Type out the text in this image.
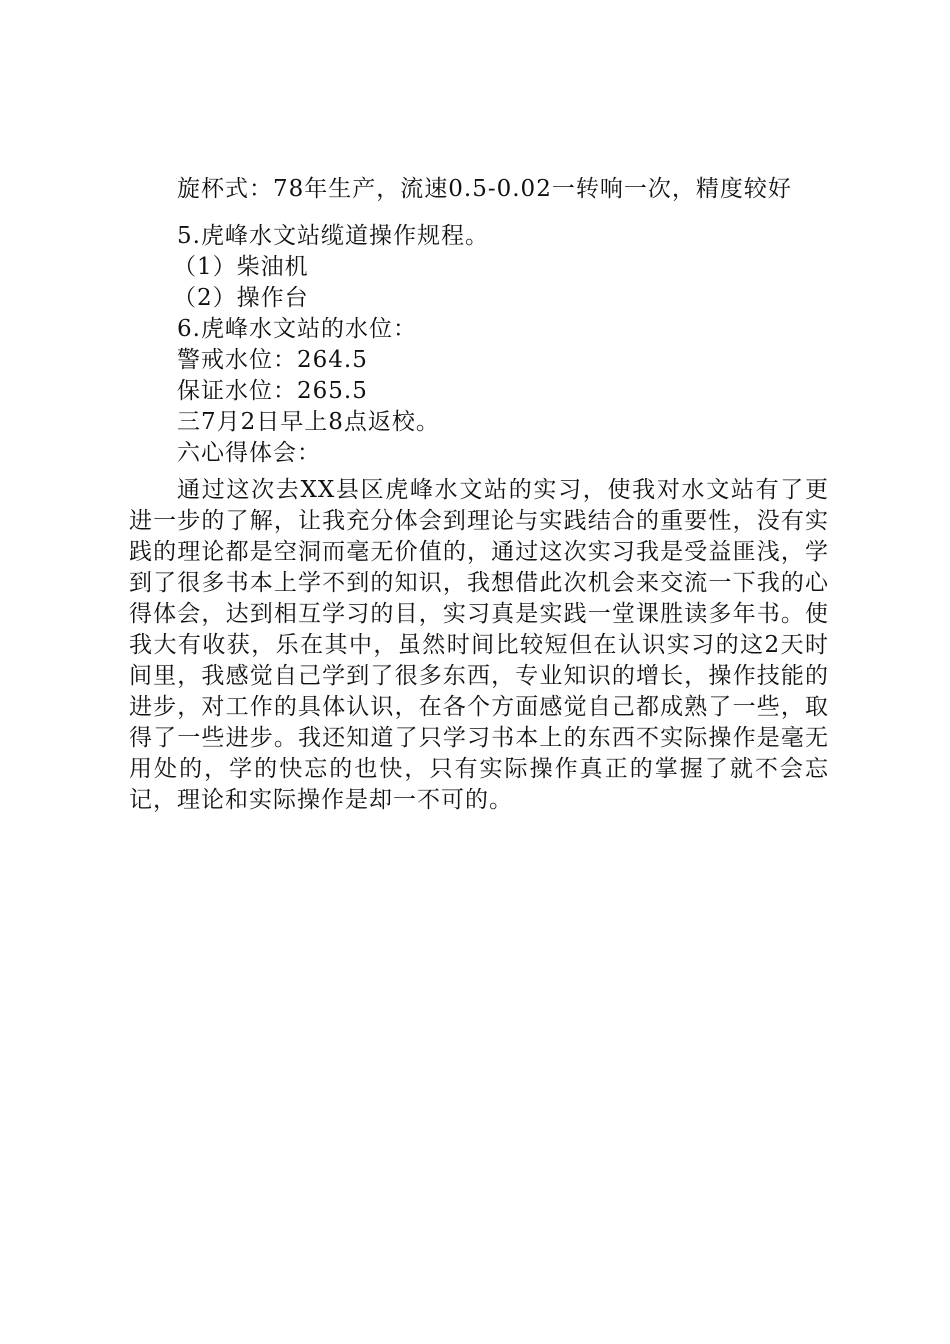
旋杯式：78年生产，流速0.5-0.02一转响一次，精度较好
5.虎峰水文站缆道操作规程。
（1）柴油机
（2）操作台
6.虎峰水文站的水位：
警戒水位：264.5
保证水位：265.5
三7月2日早上8点返校。
六心得体会：
通过这次去XX县区虎峰水文站的实习，使我对水文站有了更进一步的了解，让我充分体会到理论与实践结合的重要性，没有实践的理论都是空洞而毫无价值的，通过这次实习我是受益匪浅，学到了很多书本上学不到的知识，我想借此次机会来交流一下我的心得体会，达到相互学习的目，实习真是实践一堂课胜读多年书。使我大有收获，乐在其中，虽然时间比较短但在认识实习的这2天时间里，我感觉自己学到了很多东西，专业知识的增长，操作技能的进步，对工作的具体认识，在各个方面感觉自己都成熟了一些，取得了一些进步。我还知道了只学习书本上的东西不实际操作是毫无用处的，学的快忘的也快，只有实际操作真正的掌握了就不会忘记，理论和实际操作是却一不可的。
